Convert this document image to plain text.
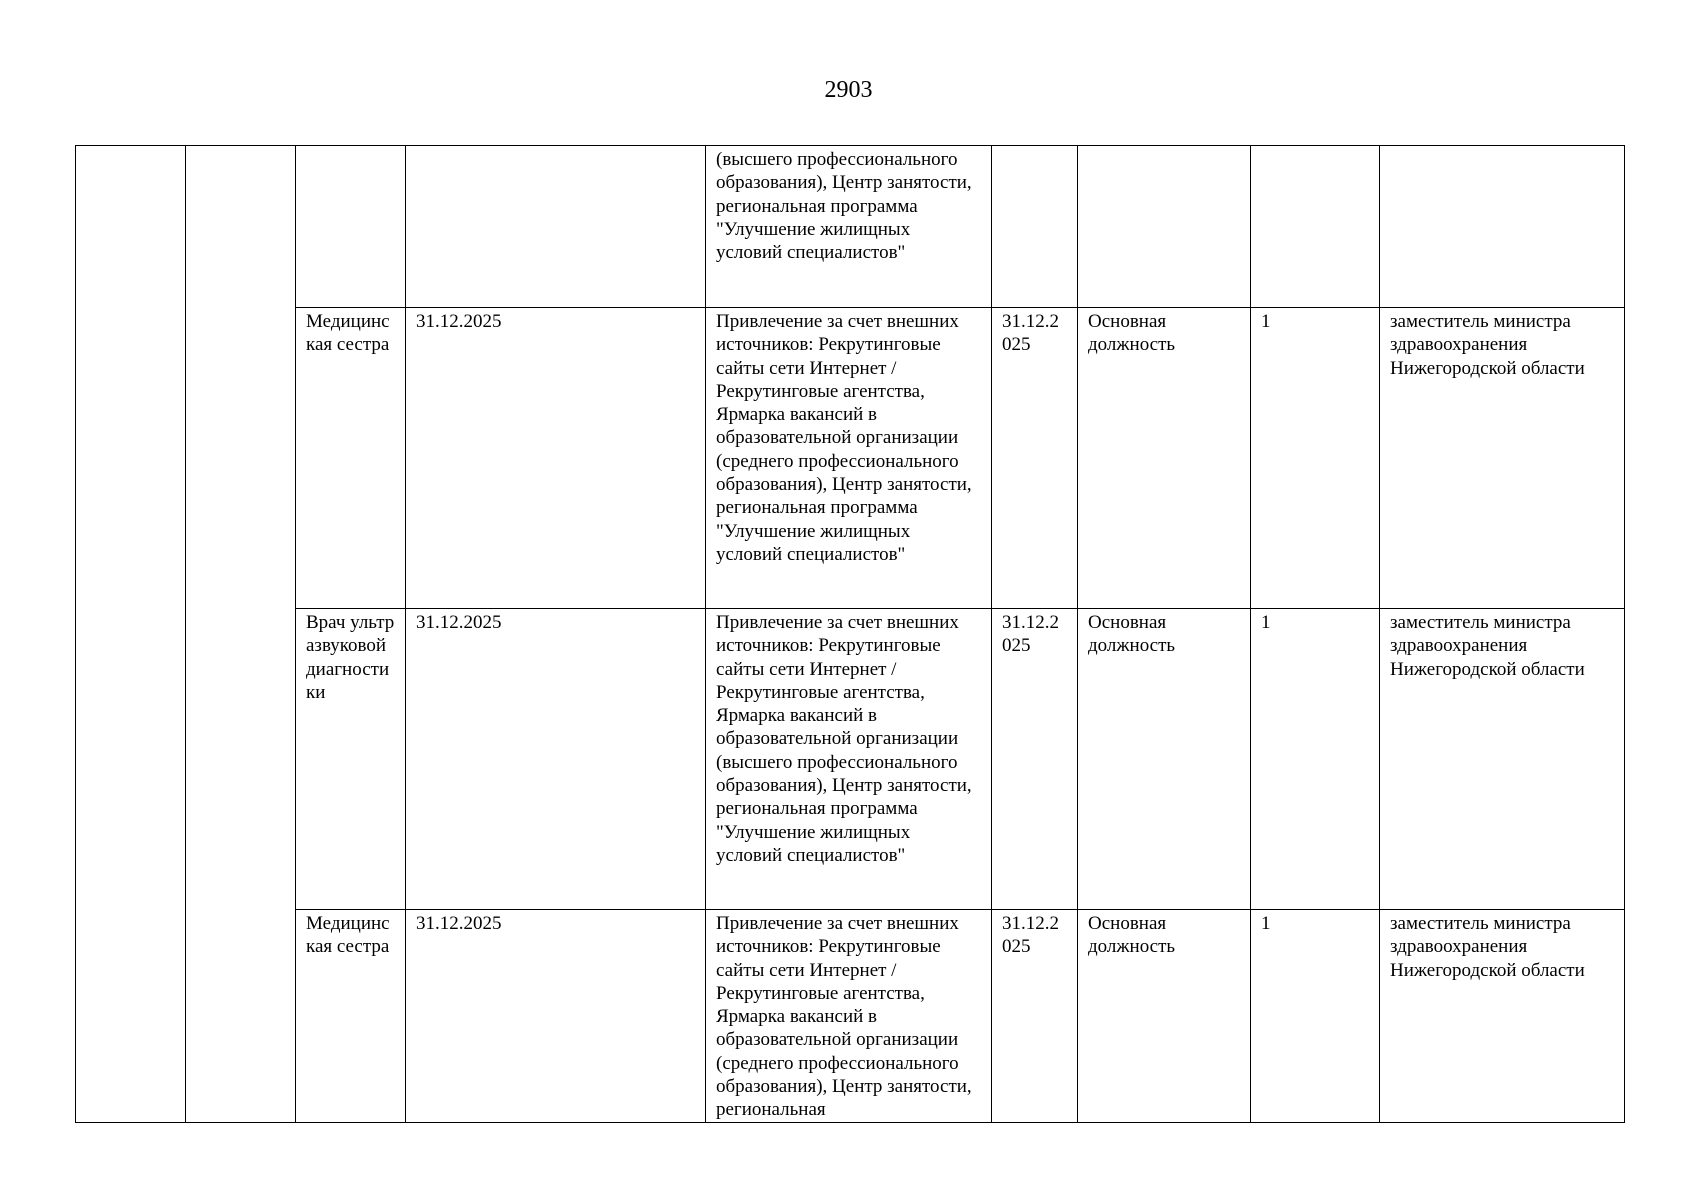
2903
				(высшего профессионального образования), Центр занятости, региональная программа "Улучшение жилищных условий специалистов"				
		Медицинская сестра	31.12.2025	Привлечение за счет внешних источников: Рекрутинговые сайты сети Интернет / Рекрутинговые агентства, Ярмарка вакансий в образовательной организации (среднего профессионального образования), Центр занятости, региональная программа "Улучшение жилищных условий специалистов"	31.12.2025	Основная должность	1	заместитель министра здравоохранения Нижегородской области
		Врач ультразвуковой диагностики	31.12.2025	Привлечение за счет внешних источников: Рекрутинговые сайты сети Интернет / Рекрутинговые агентства, Ярмарка вакансий в образовательной организации (высшего профессионального образования), Центр занятости, региональная программа "Улучшение жилищных условий специалистов"	31.12.2025	Основная должность	1	заместитель министра здравоохранения Нижегородской области
		Медицинская сестра	31.12.2025	Привлечение за счет внешних источников: Рекрутинговые сайты сети Интернет / Рекрутинговые агентства, Ярмарка вакансий в образовательной организации (среднего профессионального образования), Центр занятости, региональная	31.12.2025	Основная должность	1	заместитель министра здравоохранения Нижегородской области
